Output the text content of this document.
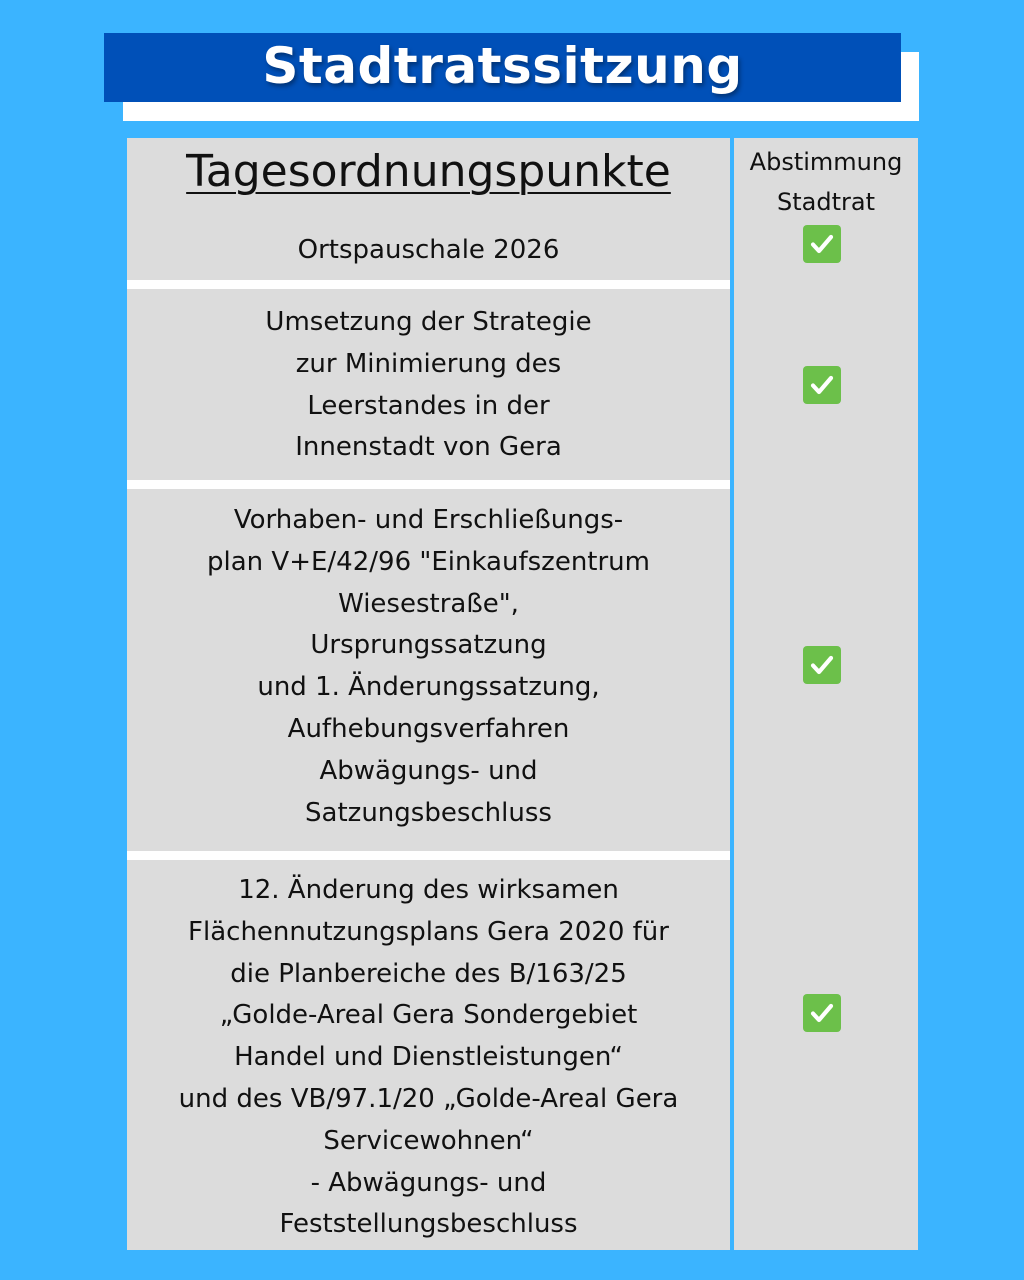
Stadtratssitzung
Tagesordnungspunkte
Ortspauschale 2026
Umsetzung der Strategie
zur Minimierung des
Leerstandes in der
Innenstadt von Gera
Vorhaben- und Erschließungs-
plan V+E/42/96 "Einkaufszentrum
Wiesestraße",
Ursprungssatzung
und 1. Änderungssatzung,
Aufhebungsverfahren
Abwägungs- und
Satzungsbeschluss
12. Änderung des wirksamen
Flächennutzungsplans Gera 2020 für
die Planbereiche des B/163/25
„Golde-Areal Gera Sondergebiet
Handel und Dienstleistungen“
und des VB/97.1/20 „Golde-Areal Gera
Servicewohnen“
- Abwägungs- und
Feststellungsbeschluss
Abstimmung
Stadtrat
